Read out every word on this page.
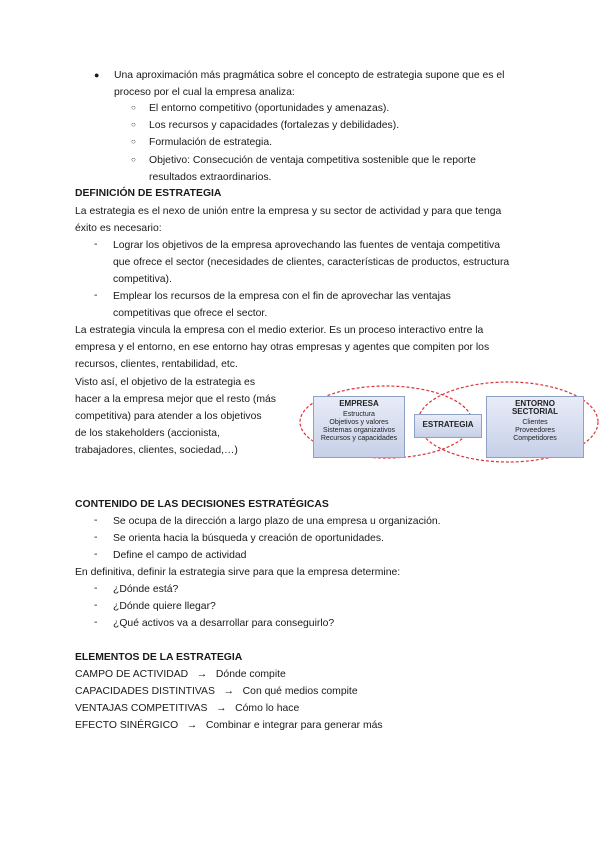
● Una aproximación más pragmática sobre el concepto de estrategia supone que es el
proceso por el cual la empresa analiza:
○ El entorno competitivo (oportunidades y amenazas).
○ Los recursos y capacidades (fortalezas y debilidades).
○ Formulación de estrategia.
○ Objetivo: Consecución de ventaja competitiva sostenible que le reporte
resultados extraordinarios.
DEFINICIÓN DE ESTRATEGIA
La estrategia es el nexo de unión entre la empresa y su sector de actividad y para que tenga
éxito es necesario:
- Lograr los objetivos de la empresa aprovechando las fuentes de ventaja competitiva
que ofrece el sector (necesidades de clientes, características de productos, estructura
competitiva).
- Emplear los recursos de la empresa con el fin de aprovechar las ventajas
competitivas que ofrece el sector.
La estrategia vincula la empresa con el medio exterior. Es un proceso interactivo entre la
empresa y el entorno, en ese entorno hay otras empresas y agentes que compiten por los
recursos, clientes, rentabilidad, etc.
Visto así, el objetivo de la estrategia es
hacer a la empresa mejor que el resto (más
competitiva) para atender a los objetivos
de los stakeholders (accionista,
trabajadores, clientes, sociedad,…)
EMPRESA
Estructura
Objetivos y valores
Sistemas organizativos
Recursos y capacidades
ESTRATEGIA
ENTORNO
SECTORIAL
Clientes
Proveedores
Competidores
CONTENIDO DE LAS DECISIONES ESTRATÉGICAS
- Se ocupa de la dirección a largo plazo de una empresa u organización.
- Se orienta hacia la búsqueda y creación de oportunidades.
- Define el campo de actividad
En definitiva, definir la estrategia sirve para que la empresa determine:
- ¿Dónde está?
- ¿Dónde quiere llegar?
- ¿Qué activos va a desarrollar para conseguirlo?
ELEMENTOS DE LA ESTRATEGIA
CAMPO DE ACTIVIDAD → Dónde compite
CAPACIDADES DISTINTIVAS → Con qué medios compite
VENTAJAS COMPETITIVAS → Cómo lo hace
EFECTO SINÉRGICO → Combinar e integrar para generar más
